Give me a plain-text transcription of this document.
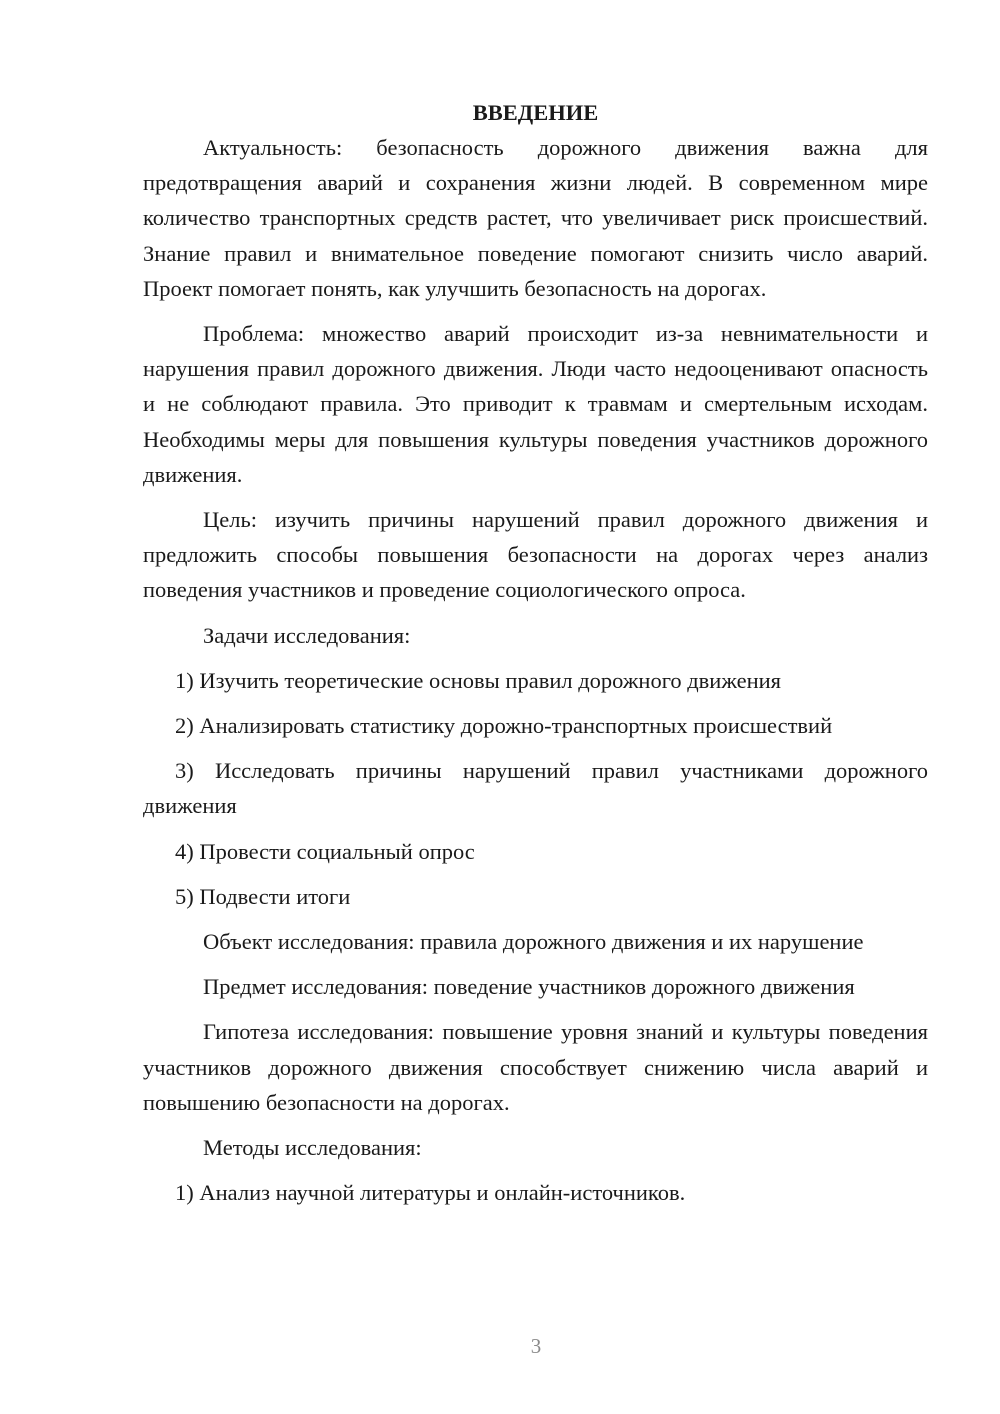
ВВЕДЕНИЕ

Актуальность: безопасность дорожного движения важна для предотвращения аварий и сохранения жизни людей. В современном мире количество транспортных средств растет, что увеличивает риск происшествий. Знание правил и внимательное поведение помогают снизить число аварий. Проект помогает понять, как улучшить безопасность на дорогах.

Проблема: множество аварий происходит из-за невнимательности и нарушения правил дорожного движения. Люди часто недооценивают опасность и не соблюдают правила. Это приводит к травмам и смертельным исходам. Необходимы меры для повышения культуры поведения участников дорожного движения.

Цель: изучить причины нарушений правил дорожного движения и предложить способы повышения безопасности на дорогах через анализ поведения участников и проведение социологического опроса.

Задачи исследования:

1) Изучить теоретические основы правил дорожного движения

2) Анализировать статистику дорожно-транспортных происшествий

3) Исследовать причины нарушений правил участниками дорожного движения

4) Провести социальный опрос

5) Подвести итоги

Объект исследования: правила дорожного движения и их нарушение

Предмет исследования: поведение участников дорожного движения

Гипотеза исследования: повышение уровня знаний и культуры поведения участников дорожного движения способствует снижению числа аварий и повышению безопасности на дорогах.

Методы исследования:

1) Анализ научной литературы и онлайн-источников.

3
